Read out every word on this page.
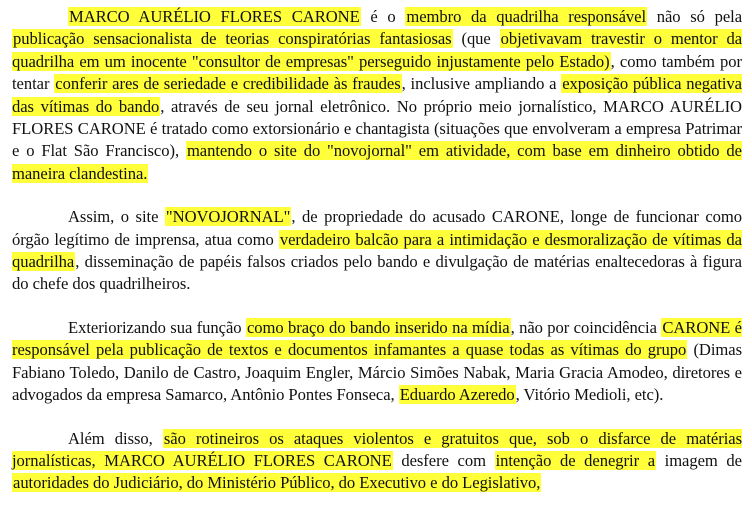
MARCO AURÉLIO FLORES CARONE é o membro da quadrilha responsável não só pela publicação sensacionalista de teorias conspiratórias fantasiosas (que objetivavam travestir o mentor da quadrilha em um inocente "consultor de empresas" perseguido injustamente pelo Estado), como também por tentar conferir ares de seriedade e credibilidade às fraudes, inclusive ampliando a exposição pública negativa das vítimas do bando, através de seu jornal eletrônico. No próprio meio jornalístico, MARCO AURÉLIO FLORES CARONE é tratado como extorsionário e chantagista (situações que envolveram a empresa Patrimar e o Flat São Francisco), mantendo o site do "novojornal" em atividade, com base em dinheiro obtido de maneira clandestina.

Assim, o site "NOVOJORNAL", de propriedade do acusado CARONE, longe de funcionar como órgão legítimo de imprensa, atua como verdadeiro balcão para a intimidação e desmoralização de vítimas da quadrilha, disseminação de papéis falsos criados pelo bando e divulgação de matérias enaltecedoras à figura do chefe dos quadrilheiros.

Exteriorizando sua função como braço do bando inserido na mídia, não por coincidência CARONE é responsável pela publicação de textos e documentos infamantes a quase todas as vítimas do grupo (Dimas Fabiano Toledo, Danilo de Castro, Joaquim Engler, Márcio Simões Nabak, Maria Gracia Amodeo, diretores e advogados da empresa Samarco, Antônio Pontes Fonseca, Eduardo Azeredo, Vitório Medioli, etc).

Além disso, são rotineiros os ataques violentos e gratuitos que, sob o disfarce de matérias jornalísticas, MARCO AURÉLIO FLORES CARONE desfere com intenção de denegrir a imagem de autoridades do Judiciário, do Ministério Público, do Executivo e do Legislativo,
